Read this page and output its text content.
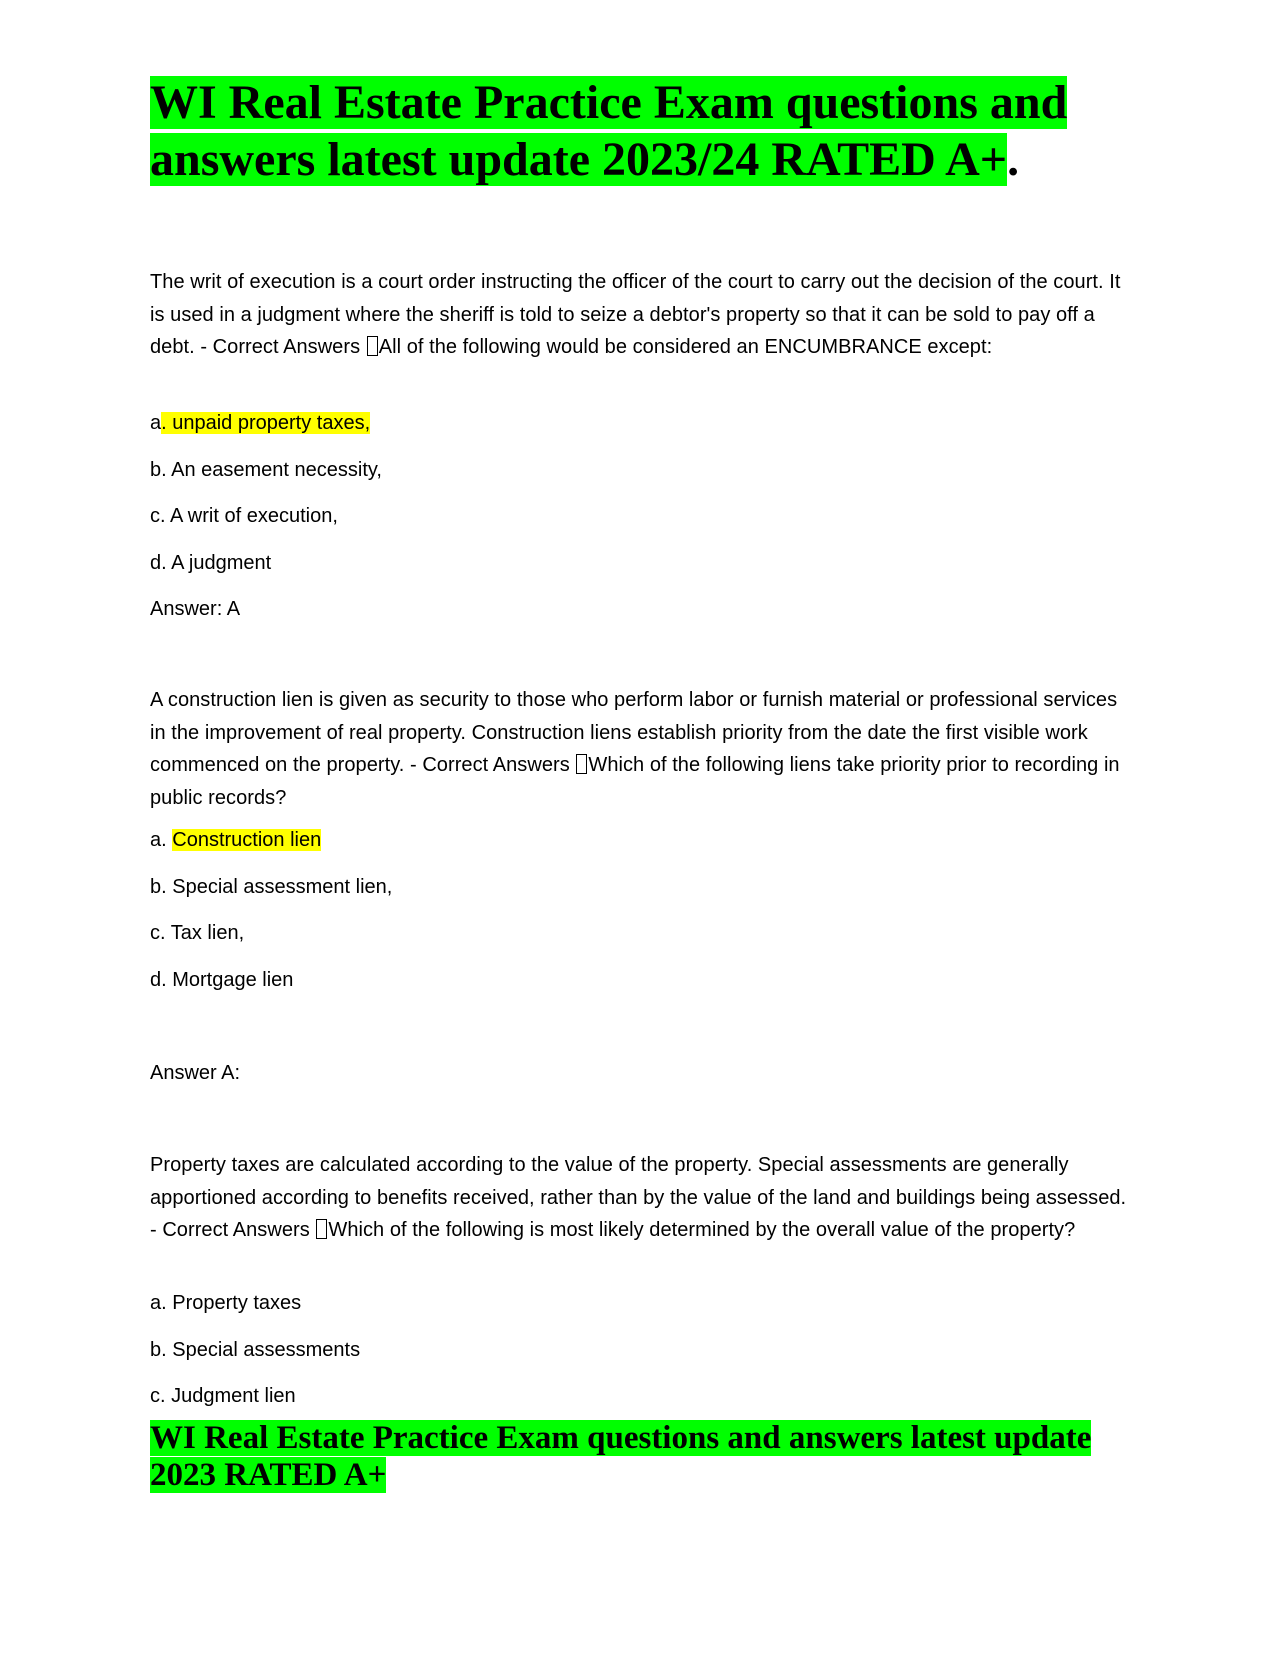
WI Real Estate Practice Exam questions and answers latest update 2023/24 RATED A+.

The writ of execution is a court order instructing the officer of the court to carry out the decision of the court. It is used in a judgment where the sheriff is told to seize a debtor's property so that it can be sold to pay off a debt. - Correct Answers All of the following would be considered an ENCUMBRANCE except:

a. unpaid property taxes,

b. An easement necessity,

c. A writ of execution,

d. A judgment

Answer: A

A construction lien is given as security to those who perform labor or furnish material or professional services in the improvement of real property. Construction liens establish priority from the date the first visible work commenced on the property. - Correct Answers Which of the following liens take priority prior to recording in public records?

a. Construction lien

b. Special assessment lien,

c. Tax lien,

d. Mortgage lien

Answer A:

Property taxes are calculated according to the value of the property. Special assessments are generally apportioned according to benefits received, rather than by the value of the land and buildings being assessed. - Correct Answers Which of the following is most likely determined by the overall value of the property?

a. Property taxes

b. Special assessments

c. Judgment lien

WI Real Estate Practice Exam questions and answers latest update 2023 RATED A+
